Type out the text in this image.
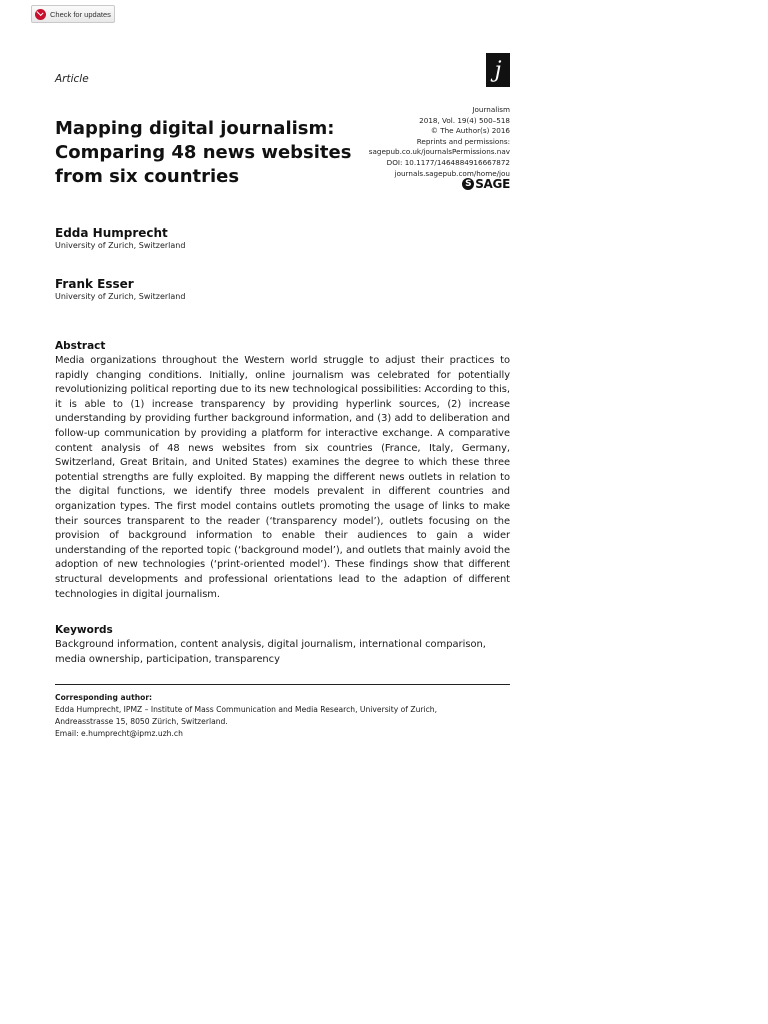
Check for updates
j
Article
Mapping digital journalism:
Comparing 48 news websites
from six countries
Journalism
2018, Vol. 19(4) 500–518
© The Author(s) 2016
Reprints and permissions:
sagepub.co.uk/journalsPermissions.nav
DOI: 10.1177/1464884916667872
journals.sagepub.com/home/jou
S SAGE
Edda Humprecht
University of Zurich, Switzerland
Frank Esser
University of Zurich, Switzerland
Abstract
Media organizations throughout the Western world struggle to adjust their practices to rapidly changing conditions. Initially, online journalism was celebrated for potentially revolutionizing political reporting due to its new technological possibilities: According to this, it is able to (1) increase transparency by providing hyperlink sources, (2) increase understanding by providing further background information, and (3) add to deliberation and follow-up communication by providing a platform for interactive exchange. A comparative content analysis of 48 news websites from six countries (France, Italy, Germany, Switzerland, Great Britain, and United States) examines the degree to which these three potential strengths are fully exploited. By mapping the different news outlets in relation to the digital functions, we identify three models prevalent in different countries and organization types. The first model contains outlets promoting the usage of links to make their sources transparent to the reader (‘transparency model’), outlets focusing on the provision of background information to enable their audiences to gain a wider understanding of the reported topic (‘background model’), and outlets that mainly avoid the adoption of new technologies (‘print-oriented model’). These findings show that different structural developments and professional orientations lead to the adaption of different technologies in digital journalism.
Keywords
Background information, content analysis, digital journalism, international comparison, media ownership, participation, transparency
Corresponding author:
Edda Humprecht, IPMZ – Institute of Mass Communication and Media Research, University of Zurich,
Andreasstrasse 15, 8050 Zürich, Switzerland.
Email: e.humprecht@ipmz.uzh.ch
